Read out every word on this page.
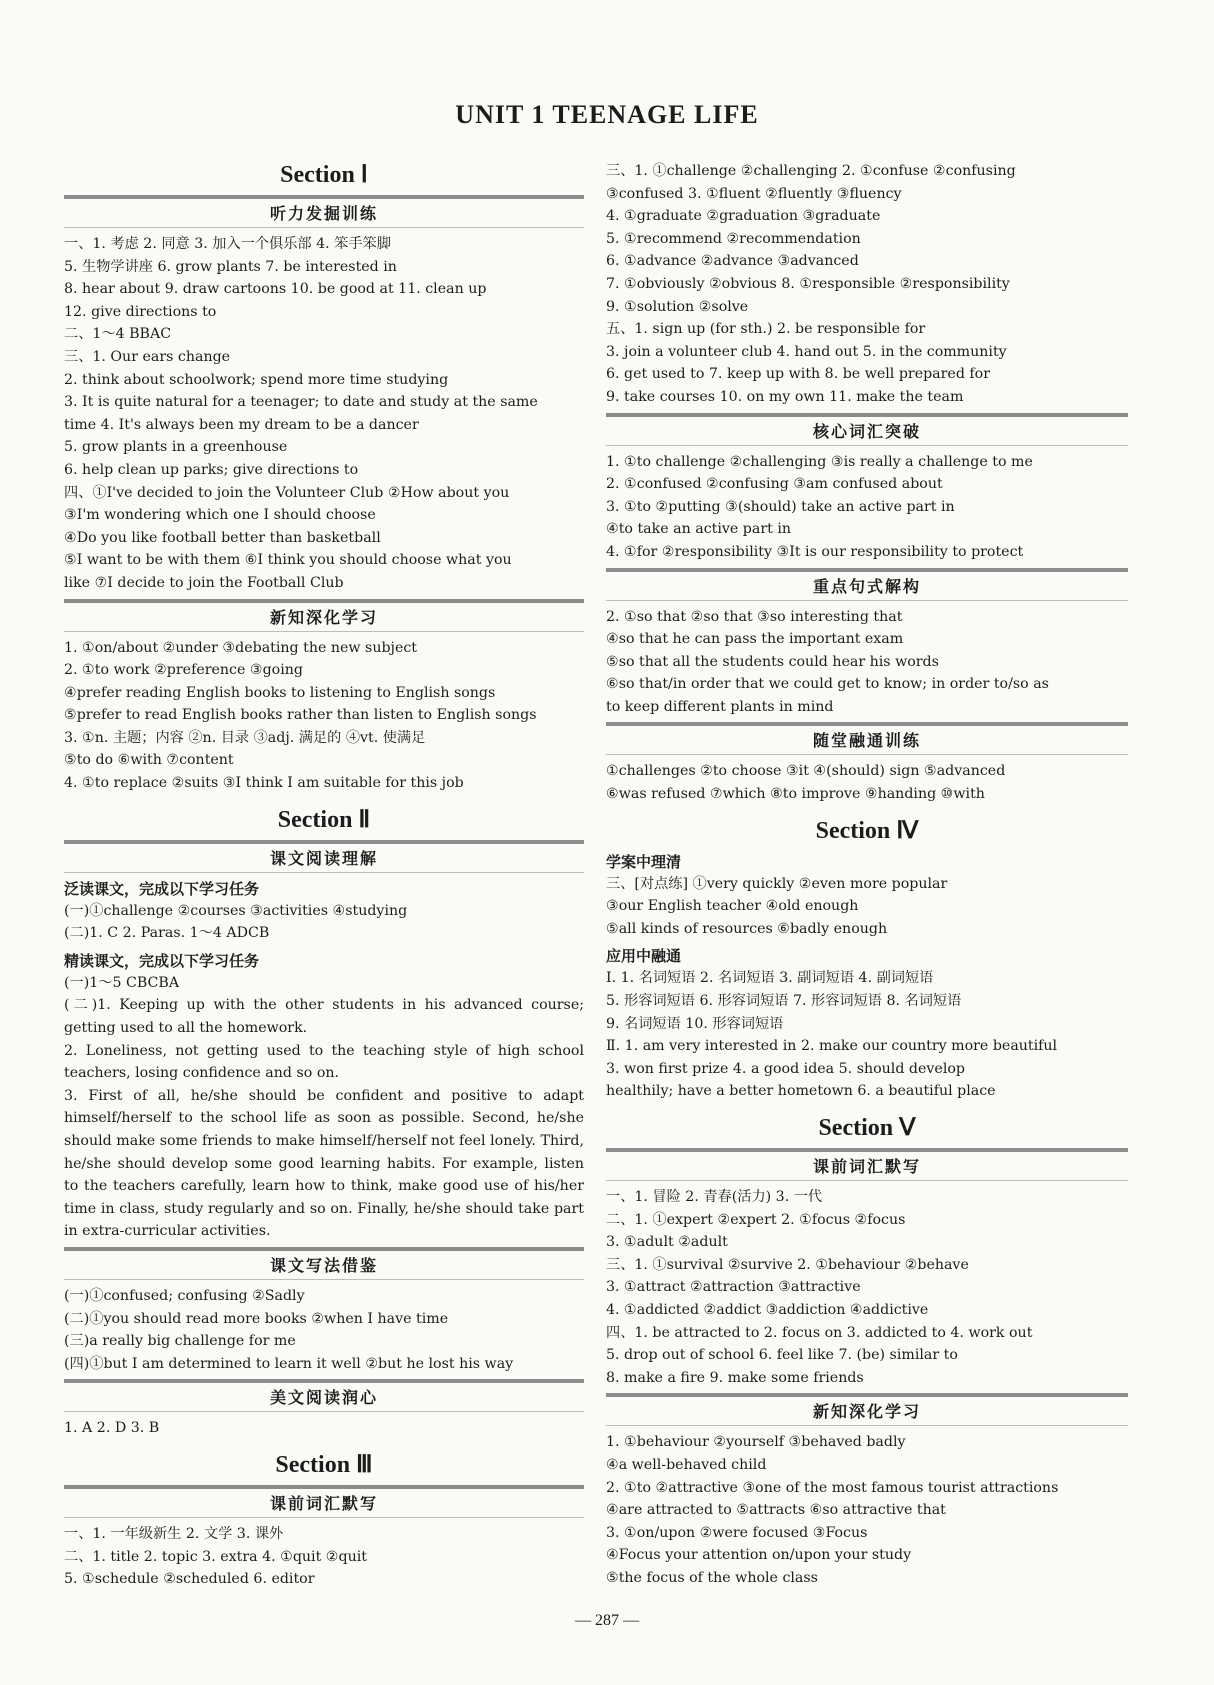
UNIT 1 TEENAGE LIFE
Section Ⅰ
听力发掘训练
一、1. 考虑 2. 同意 3. 加入一个俱乐部 4. 笨手笨脚
5. 生物学讲座 6. grow plants 7. be interested in
8. hear about 9. draw cartoons 10. be good at 11. clean up
12. give directions to
二、1～4 BBAC
三、1. Our ears change
2. think about schoolwork; spend more time studying
3. It is quite natural for a teenager; to date and study at the same
time 4. It's always been my dream to be a dancer
5. grow plants in a greenhouse
6. help clean up parks; give directions to
四、①I've decided to join the Volunteer Club ②How about you
③I'm wondering which one I should choose
④Do you like football better than basketball
⑤I want to be with them ⑥I think you should choose what you
like ⑦I decide to join the Football Club
新知深化学习
1. ①on/about ②under ③debating the new subject
2. ①to work ②preference ③going
④prefer reading English books to listening to English songs
⑤prefer to read English books rather than listen to English songs
3. ①n. 主题；内容 ②n. 目录 ③adj. 满足的 ④vt. 使满足
⑤to do ⑥with ⑦content
4. ①to replace ②suits ③I think I am suitable for this job
Section Ⅱ
课文阅读理解
泛读课文，完成以下学习任务
(一)①challenge ②courses ③activities ④studying
(二)1. C 2. Paras. 1～4 ADCB
精读课文，完成以下学习任务
(一)1～5 CBCBA
(二)1. Keeping up with the other students in his advanced course; getting used to all the homework.
2. Loneliness, not getting used to the teaching style of high school teachers, losing confidence and so on.
3. First of all, he/she should be confident and positive to adapt himself/herself to the school life as soon as possible. Second, he/she should make some friends to make himself/herself not feel lonely. Third, he/she should develop some good learning habits. For example, listen to the teachers carefully, learn how to think, make good use of his/her time in class, study regularly and so on. Finally, he/she should take part in extra-curricular activities.
课文写法借鉴
(一)①confused; confusing ②Sadly
(二)①you should read more books ②when I have time
(三)a really big challenge for me
(四)①but I am determined to learn it well ②but he lost his way
美文阅读润心
1. A 2. D 3. B
Section Ⅲ
课前词汇默写
一、1. 一年级新生 2. 文学 3. 课外
二、1. title 2. topic 3. extra 4. ①quit ②quit
5. ①schedule ②scheduled 6. editor
三、1. ①challenge ②challenging 2. ①confuse ②confusing
③confused 3. ①fluent ②fluently ③fluency
4. ①graduate ②graduation ③graduate
5. ①recommend ②recommendation
6. ①advance ②advance ③advanced
7. ①obviously ②obvious 8. ①responsible ②responsibility
9. ①solution ②solve
五、1. sign up (for sth.) 2. be responsible for
3. join a volunteer club 4. hand out 5. in the community
6. get used to 7. keep up with 8. be well prepared for
9. take courses 10. on my own 11. make the team
核心词汇突破
1. ①to challenge ②challenging ③is really a challenge to me
2. ①confused ②confusing ③am confused about
3. ①to ②putting ③(should) take an active part in
④to take an active part in
4. ①for ②responsibility ③It is our responsibility to protect
重点句式解构
2. ①so that ②so that ③so interesting that
④so that he can pass the important exam
⑤so that all the students could hear his words
⑥so that/in order that we could get to know; in order to/so as
to keep different plants in mind
随堂融通训练
①challenges ②to choose ③it ④(should) sign ⑤advanced
⑥was refused ⑦which ⑧to improve ⑨handing ⑩with
Section Ⅳ
学案中理清
三、[对点练] ①very quickly ②even more popular
③our English teacher ④old enough
⑤all kinds of resources ⑥badly enough
应用中融通
Ⅰ. 1. 名词短语 2. 名词短语 3. 副词短语 4. 副词短语
5. 形容词短语 6. 形容词短语 7. 形容词短语 8. 名词短语
9. 名词短语 10. 形容词短语
Ⅱ. 1. am very interested in 2. make our country more beautiful
3. won first prize 4. a good idea 5. should develop
healthily; have a better hometown 6. a beautiful place
Section Ⅴ
课前词汇默写
一、1. 冒险 2. 青春(活力) 3. 一代
二、1. ①expert ②expert 2. ①focus ②focus
3. ①adult ②adult
三、1. ①survival ②survive 2. ①behaviour ②behave
3. ①attract ②attraction ③attractive
4. ①addicted ②addict ③addiction ④addictive
四、1. be attracted to 2. focus on 3. addicted to 4. work out
5. drop out of school 6. feel like 7. (be) similar to
8. make a fire 9. make some friends
新知深化学习
1. ①behaviour ②yourself ③behaved badly
④a well-behaved child
2. ①to ②attractive ③one of the most famous tourist attractions
④are attracted to ⑤attracts ⑥so attractive that
3. ①on/upon ②were focused ③Focus
④Focus your attention on/upon your study
⑤the focus of the whole class
— 287 —
